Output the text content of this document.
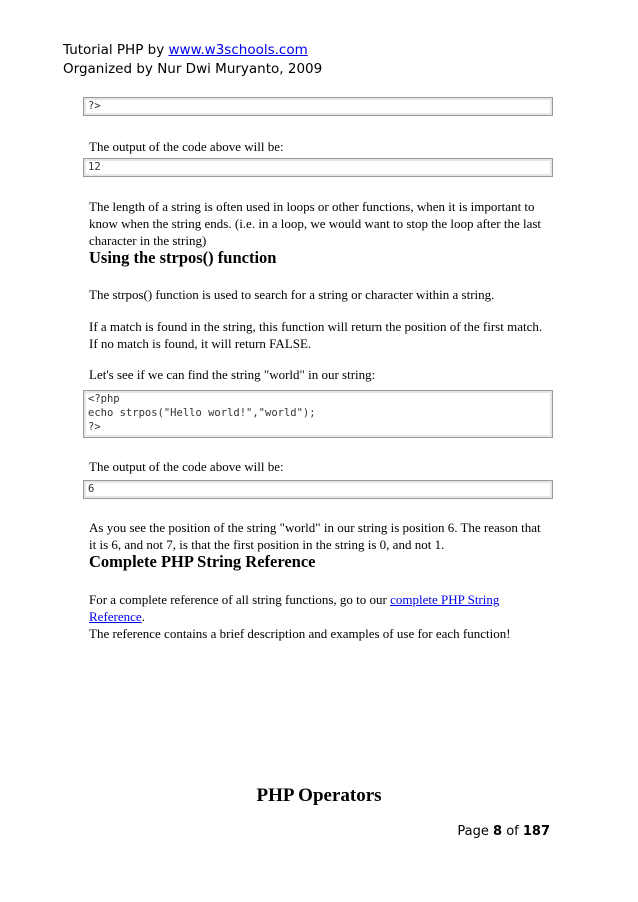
Tutorial PHP by www.w3schools.com
Organized by Nur Dwi Muryanto, 2009
?>
The output of the code above will be:
12
The length of a string is often used in loops or other functions, when it is important to know when the string ends. (i.e. in a loop, we would want to stop the loop after the last character in the string)
Using the strpos() function
The strpos() function is used to search for a string or character within a string.
If a match is found in the string, this function will return the position of the first match. If no match is found, it will return FALSE.
Let's see if we can find the string "world" in our string:
<?php
echo strpos("Hello world!","world");
?>
The output of the code above will be:
6
As you see the position of the string "world" in our string is position 6. The reason that it is 6, and not 7, is that the first position in the string is 0, and not 1.
Complete PHP String Reference
For a complete reference of all string functions, go to our complete PHP String Reference.
The reference contains a brief description and examples of use for each function!
PHP Operators
Page 8 of 187
